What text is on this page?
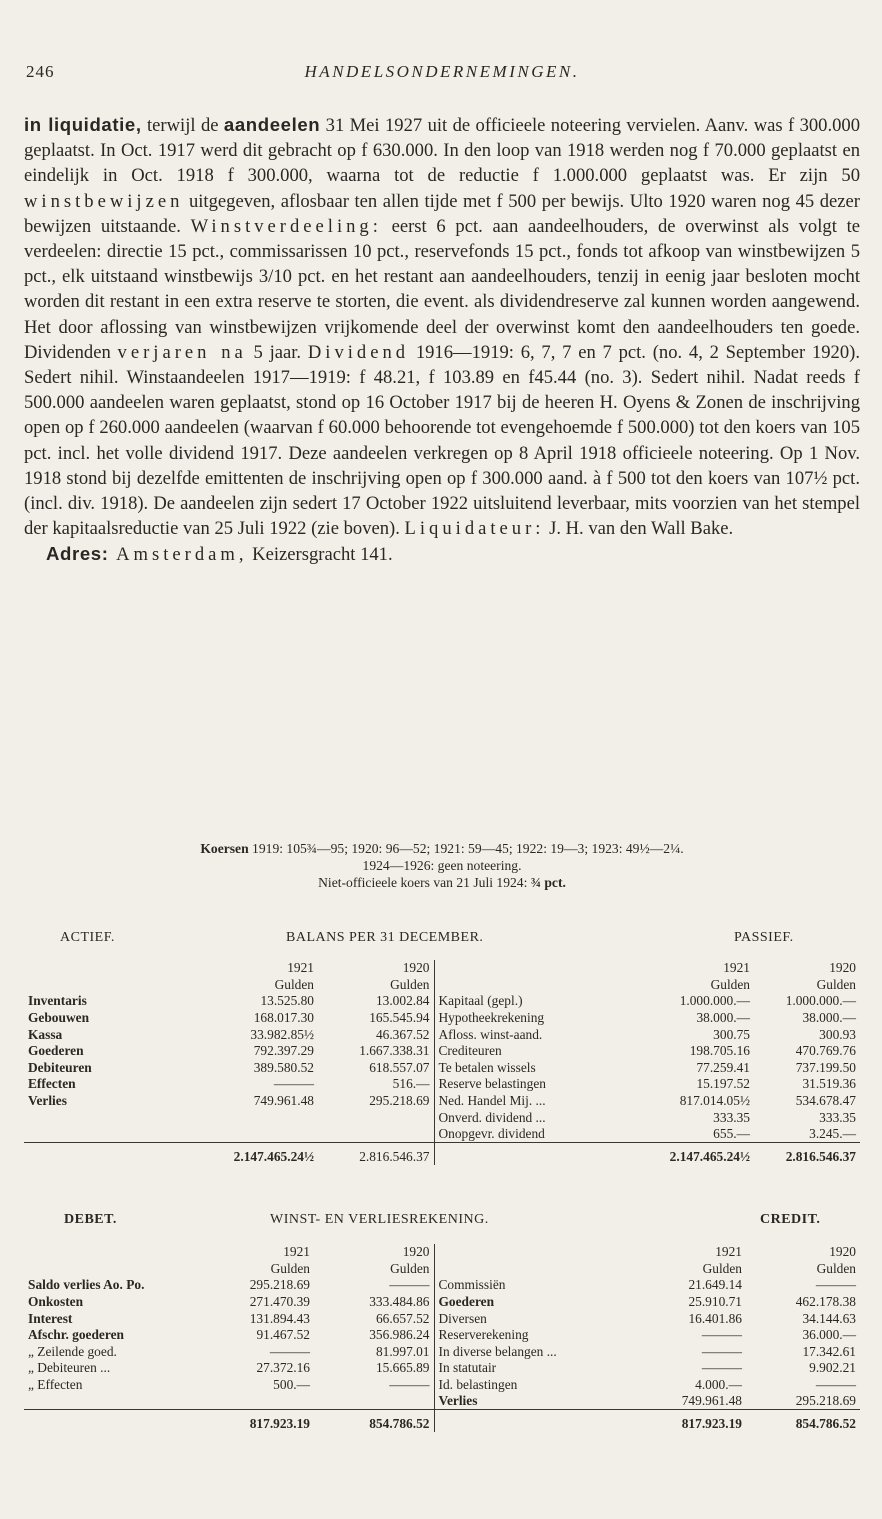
246	HANDELSONDERNEMINGEN.

in liquidatie, terwijl de aandeelen 31 Mei 1927 uit de officieele noteering vervielen. Aanv. was f 300.000 geplaatst. In Oct. 1917 werd dit gebracht op f 630.000. In den loop van 1918 werden nog f 70.000 geplaatst en eindelijk in Oct. 1918 f 300.000, waarna tot de reductie f 1.000.000 geplaatst was. Er zijn 50 winstbewijzen uitgegeven, aflosbaar ten allen tijde met f 500 per bewijs. Ulto 1920 waren nog 45 dezer bewijzen uitstaande. Winstverdeeling: eerst 6 pct. aan aandeelhouders, de overwinst als volgt te verdeelen: directie 15 pct., commissarissen 10 pct., reservefonds 15 pct., fonds tot afkoop van winstbewijzen 5 pct., elk uitstaand winstbewijs 3/10 pct. en het restant aan aandeelhouders, tenzij in eenig jaar besloten mocht worden dit restant in een extra reserve te storten, die event. als dividendreserve zal kunnen worden aangewend. Het door aflossing van winstbewijzen vrijkomende deel der overwinst komt den aandeelhouders ten goede. Dividenden verjaren na 5 jaar. Dividend 1916—1919: 6, 7, 7 en 7 pct. (no. 4, 2 September 1920). Sedert nihil. Winstaandeelen 1917—1919: f 48.21, f 103.89 en f45.44 (no. 3). Sedert nihil. Nadat reeds f 500.000 aandeelen waren geplaatst, stond op 16 October 1917 bij de heeren H. Oyens & Zonen de inschrijving open op f 260.000 aandeelen (waarvan f 60.000 behoorende tot evengehoemde f 500.000) tot den koers van 105 pct. incl. het volle dividend 1917. Deze aandeelen verkregen op 8 April 1918 officieele noteering. Op 1 Nov. 1918 stond bij dezelfde emittenten de inschrijving open op f 300.000 aand. à f 500 tot den koers van 107½ pct. (incl. div. 1918). De aandeelen zijn sedert 17 October 1922 uitsluitend leverbaar, mits voorzien van het stempel der kapitaalsreductie van 25 Juli 1922 (zie boven). Liquidateur: J. H. van den Wall Bake.

Adres: Amsterdam, Keizersgracht 141.

Koersen 1919: 105¾—95; 1920: 96—52; 1921: 59—45; 1922: 19—3; 1923: 49½—2¼.
1924—1926: geen noteering.
Niet-officieele koers van 21 Juli 1924: ¾ pct.
ACTIEF.	BALANS PER 31 DECEMBER.	PASSIEF.
	1921	1920		1921	1920
	Gulden	Gulden		Gulden	Gulden
Inventaris	13.525.80	13.002.84	Kapitaal (gepl.)	1.000.000.—	1.000.000.—
Gebouwen	168.017.30	165.545.94	Hypotheekrekening	38.000.—	38.000.—
Kassa	33.982.85½	46.367.52	Afloss. winst-aand.	300.75	300.93
Goederen	792.397.29	1.667.338.31	Crediteuren	198.705.16	470.769.76
Debiteuren	389.580.52	618.557.07	Te betalen wissels	77.259.41	737.199.50
Effecten	———	516.—	Reserve belastingen	15.197.52	31.519.36
Verlies	749.961.48	295.218.69	Ned. Handel Mij. ...	817.014.05½	534.678.47
			Onverd. dividend ...	333.35	333.35
			Onopgevr. dividend	655.—	3.245.—
	2.147.465.24½	2.816.546.37		2.147.465.24½	2.816.546.37
DEBET.	WINST- EN VERLIESREKENING.	CREDIT.
	1921	1920		1921	1920
	Gulden	Gulden		Gulden	Gulden
Saldo verlies Ao. Po.	295.218.69	———	Commissiën	21.649.14	———
Onkosten	271.470.39	333.484.86	Goederen	25.910.71	462.178.38
Interest	131.894.43	66.657.52	Diversen	16.401.86	34.144.63
Afschr. goederen	91.467.52	356.986.24	Reserverekening	———	36.000.—
„ Zeilende goed.	———	81.997.01	In diverse belangen ...	———	17.342.61
„ Debiteuren ...	27.372.16	15.665.89	In statutair	———	9.902.21
„ Effecten	500.—	———	Id. belastingen	4.000.—	———
			Verlies	749.961.48	295.218.69
	817.923.19	854.786.52		817.923.19	854.786.52
